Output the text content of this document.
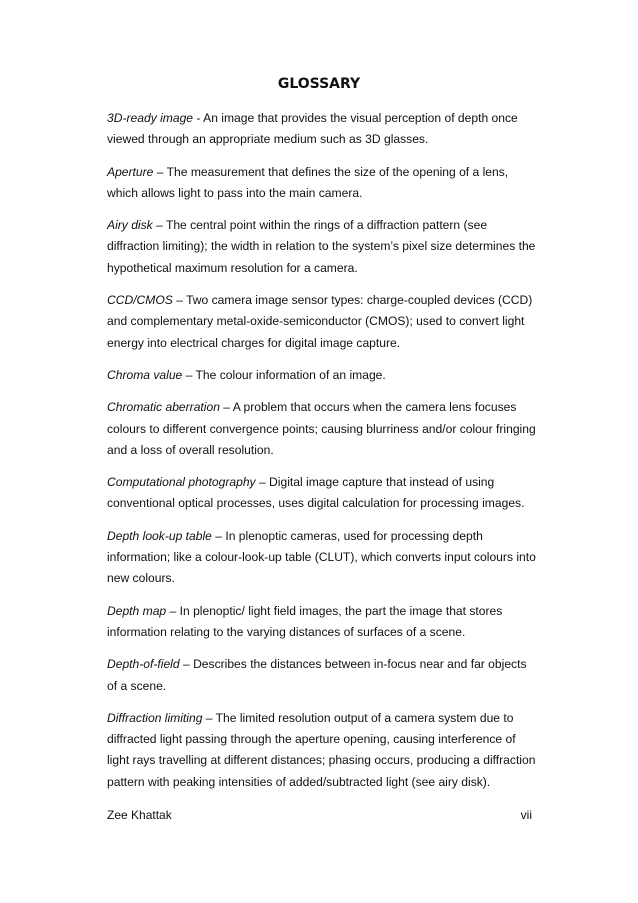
GLOSSARY

3D-ready image - An image that provides the visual perception of depth once viewed through an appropriate medium such as 3D glasses.

Aperture – The measurement that defines the size of the opening of a lens, which allows light to pass into the main camera.

Airy disk – The central point within the rings of a diffraction pattern (see diffraction limiting); the width in relation to the system’s pixel size determines the hypothetical maximum resolution for a camera.

CCD/CMOS – Two camera image sensor types: charge-coupled devices (CCD) and complementary metal-oxide-semiconductor (CMOS); used to convert light energy into electrical charges for digital image capture.

Chroma value – The colour information of an image.

Chromatic aberration – A problem that occurs when the camera lens focuses colours to different convergence points; causing blurriness and/or colour fringing and a loss of overall resolution.

Computational photography – Digital image capture that instead of using conventional optical processes, uses digital calculation for processing images.

Depth look-up table – In plenoptic cameras, used for processing depth information; like a colour-look-up table (CLUT), which converts input colours into new colours.

Depth map – In plenoptic/ light field images, the part the image that stores information relating to the varying distances of surfaces of a scene.

Depth-of-field – Describes the distances between in-focus near and far objects of a scene.

Diffraction limiting – The limited resolution output of a camera system due to diffracted light passing through the aperture opening, causing interference of light rays travelling at different distances; phasing occurs, producing a diffraction pattern with peaking intensities of added/subtracted light (see airy disk).

Zee Khattak	vii
